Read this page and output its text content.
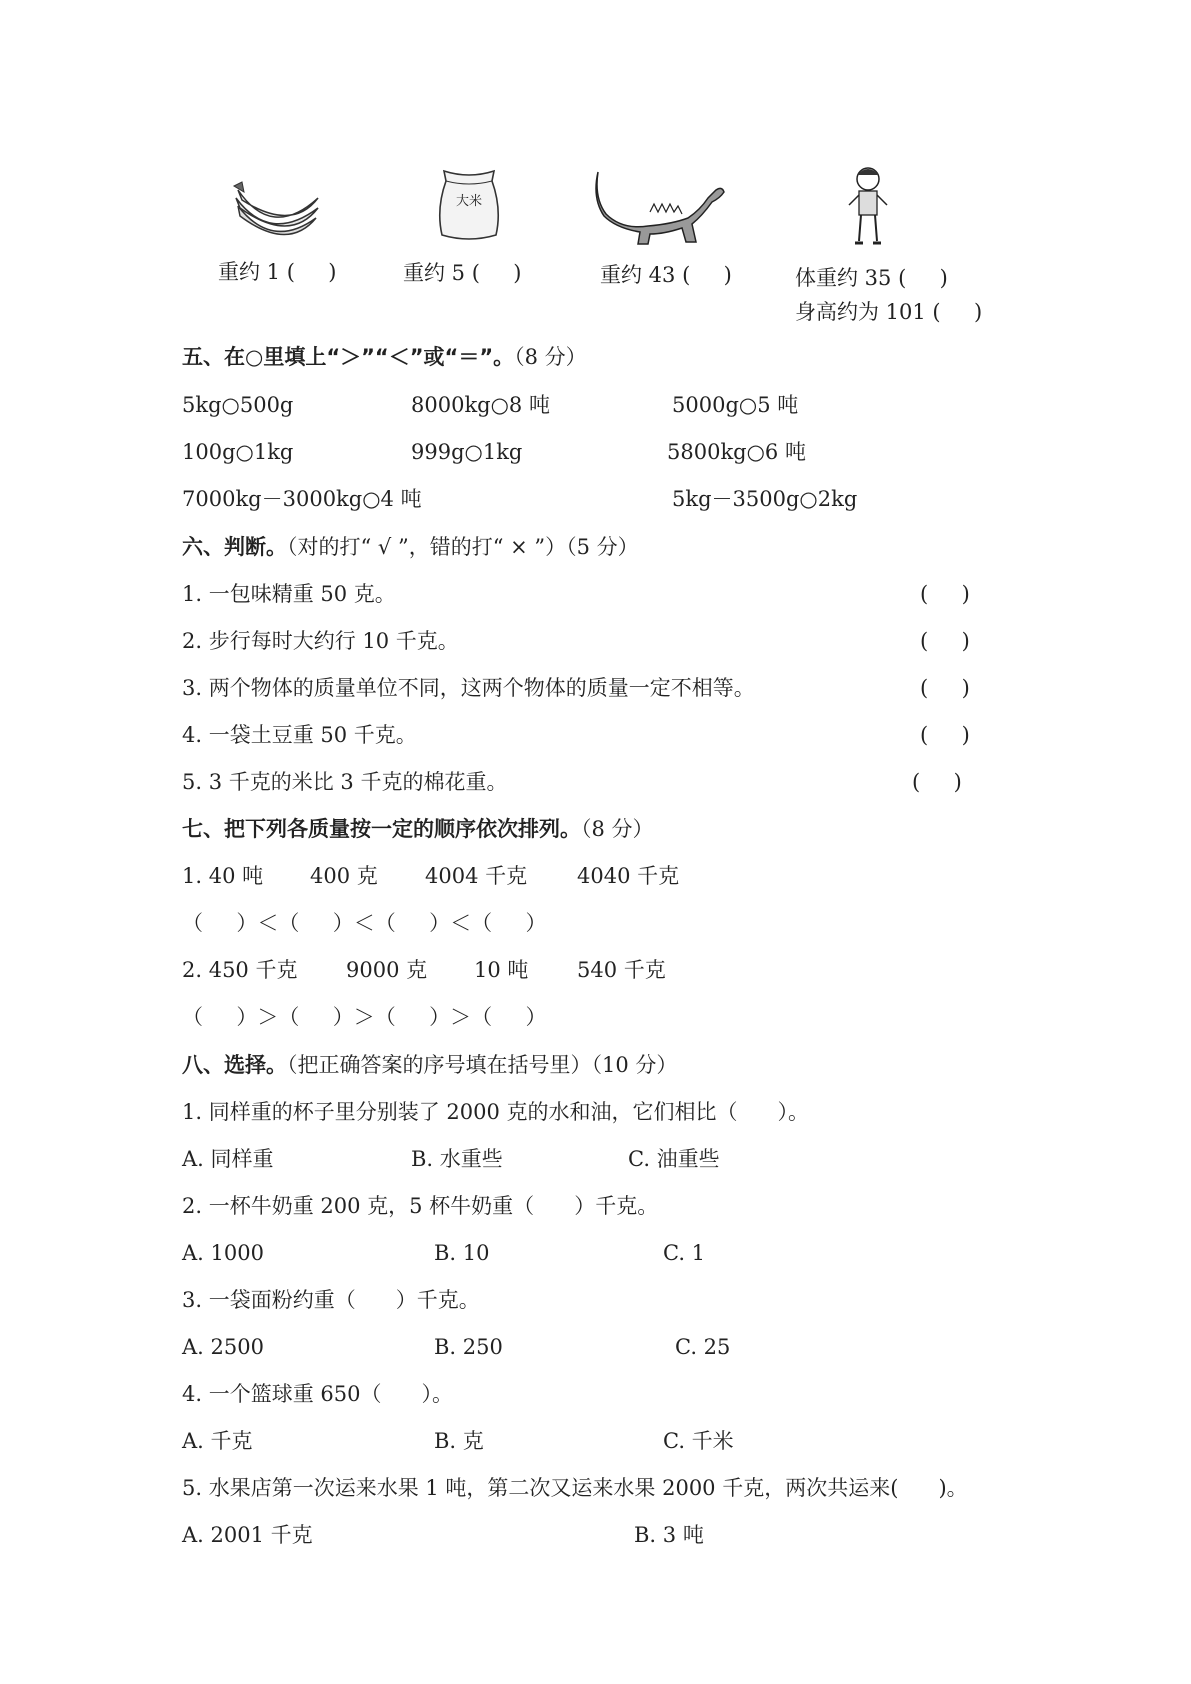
大米
重约 1 (     )	重约 5 (     )	重约 43 (     )	体重约 35 (     )
身高约为 101 (     )
五、在○里填上“＞”“＜”或“＝”。（8 分）
5kg○500g	8000kg○8 吨	5000g○5 吨
100g○1kg	999g○1kg	5800kg○6 吨
7000kg－3000kg○4 吨	5kg－3500g○2kg
六、判断。（对的打“ √ ”，错的打“ × ”）（5 分）
1. 一包味精重 50 克。	(     )
2. 步行每时大约行 10 千克。	(     )
3. 两个物体的质量单位不同，这两个物体的质量一定不相等。	(     )
4. 一袋土豆重 50 千克。	(     )
5. 3 千克的米比 3 千克的棉花重。	(     )
七、把下列各质量按一定的顺序依次排列。（8 分）
1. 40 吨 400 克 4004 千克 4040 千克
（     ）＜（     ）＜（     ）＜（     ）
2. 450 千克 9000 克 10 吨 540 千克
（     ）＞（     ）＞（     ）＞（     ）
八、选择。（把正确答案的序号填在括号里）（10 分）
1. 同样重的杯子里分别装了 2000 克的水和油，它们相比（      ）。
A. 同样重	B. 水重些	C. 油重些
2. 一杯牛奶重 200 克，5 杯牛奶重（      ）千克。
A. 1000	B. 10	C. 1
3. 一袋面粉约重（      ）千克。
A. 2500	B. 250	C. 25
4. 一个篮球重 650（      ）。
A. 千克	B. 克	C. 千米
5. 水果店第一次运来水果 1 吨，第二次又运来水果 2000 千克，两次共运来(      )。
A. 2001 千克	B. 3 吨
